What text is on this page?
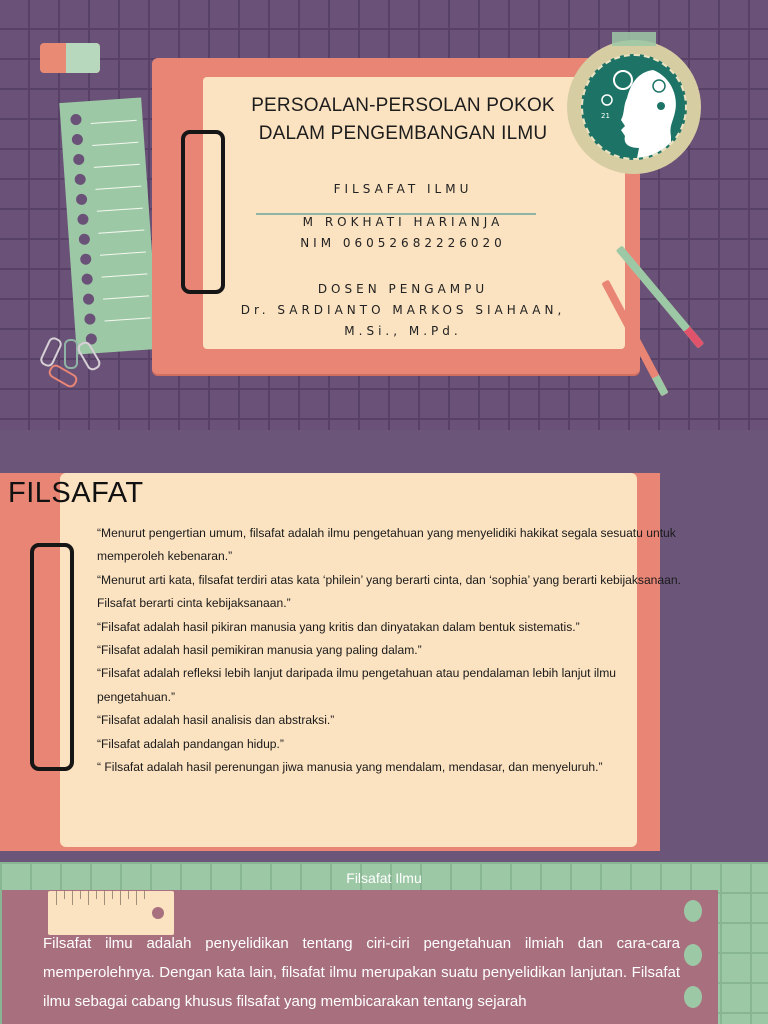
PERSOALAN-PERSOLAN POKOK
DALAM PENGEMBANGAN ILMU
FILSAFAT ILMU
M ROKHATI HARIANJA
NIM 06052682226020
DOSEN PENGAMPU
Dr. SARDIANTO MARKOS SIAHAAN,
M.Si., M.Pd.
21
FILSAFAT
“Menurut pengertian umum, filsafat adalah ilmu pengetahuan yang menyelidiki hakikat segala sesuatu untuk
memperoleh kebenaran.”
“Menurut arti kata, filsafat terdiri atas kata ‘philein’ yang berarti cinta, dan ‘sophia’ yang berarti kebijaksanaan.
Filsafat berarti cinta kebijaksanaan.”
“Filsafat adalah hasil pikiran manusia yang kritis dan dinyatakan dalam bentuk sistematis.”
“Filsafat adalah hasil pemikiran manusia yang paling dalam.”
“Filsafat adalah refleksi lebih lanjut daripada ilmu pengetahuan atau pendalaman lebih lanjut ilmu
pengetahuan.”
“Filsafat adalah hasil analisis dan abstraksi.”
“Filsafat adalah pandangan hidup.”
“ Filsafat adalah hasil perenungan jiwa manusia yang mendalam, mendasar, dan menyeluruh.”
Filsafat Ilmu
Filsafat ilmu adalah penyelidikan tentang ciri-ciri pengetahuan ilmiah dan cara-cara memperolehnya. Dengan kata lain, filsafat ilmu merupakan suatu penyelidikan lanjutan. Filsafat ilmu sebagai cabang khusus filsafat yang membicarakan tentang sejarah
